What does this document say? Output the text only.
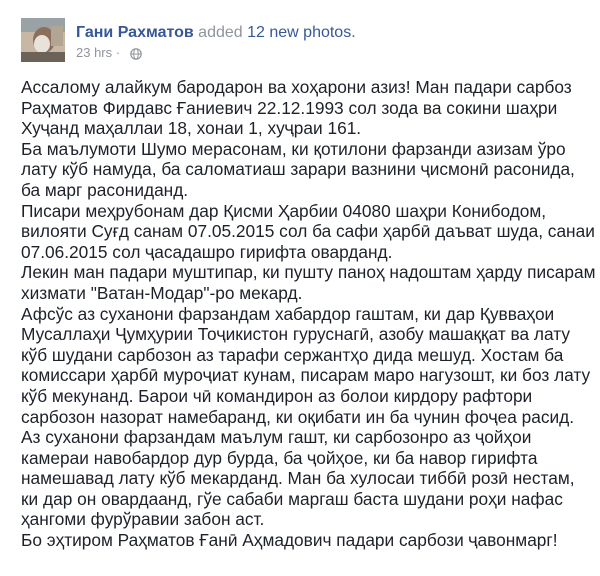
Гани Рахматов added 12 new photos.
23 hrs ·

Ассалому алайкум бародарон ва хоҳарони азиз! Ман падари сарбоз Раҳматов Фирдавс Ғаниевич 22.12.1993 сол зода ва сокини шаҳри Хуҷанд маҳаллаи 18, хонаи 1, хуҷраи 161.

Ба маълумоти Шумо мерасонам, ки қотилони фарзанди азизам ўро лату кўб намуда, ба саломатиаш зарари вазнини ҷисмонӣ расонида, ба марг расониданд.

Писари меҳрубонам дар Қисми Ҳарбии 04080 шаҳри Конибодом, вилояти Суғд санам 07.05.2015 сол ба сафи ҳарбӣ даъват шуда, санаи 07.06.2015 сол ҷасадашро гирифта оварданд.

Лекин ман падари муштипар, ки пушту паноҳ надоштам ҳарду писарам хизмати "Ватан-Модар"-ро мекард.

Афсўс аз суханони фарзандам хабардор гаштам, ки дар Қувваҳои Мусаллаҳи Ҷумҳурии Тоҷикистон гуруснагӣ, азобу машаққат ва лату кўб шудани сарбозон аз тарафи сержантҳо дида мешуд. Хостам ба комиссари ҳарбӣ муроҷиат кунам, писарам маро нагузошт, ки боз лату кўб мекунанд. Барои чӣ командирон аз болои кирдору рафтори сарбозон назорат намебаранд, ки оқибати ин ба чунин фоҷеа расид. Аз суханони фарзандам маълум гашт, ки сарбозонро аз ҷойҳои камераи навобардор дур бурда, ба ҷойҳое, ки ба навор гирифта намешавад лату кўб мекарданд. Ман ба хулосаи тиббӣ розӣ нестам, ки дар он овардаанд, гўе сабаби маргаш баста шудани роҳи нафас ҳангоми фурўравии забон аст.

Бо эҳтиром Раҳматов Ғанӣ Аҳмадович падари сарбози ҷавонмарг!
